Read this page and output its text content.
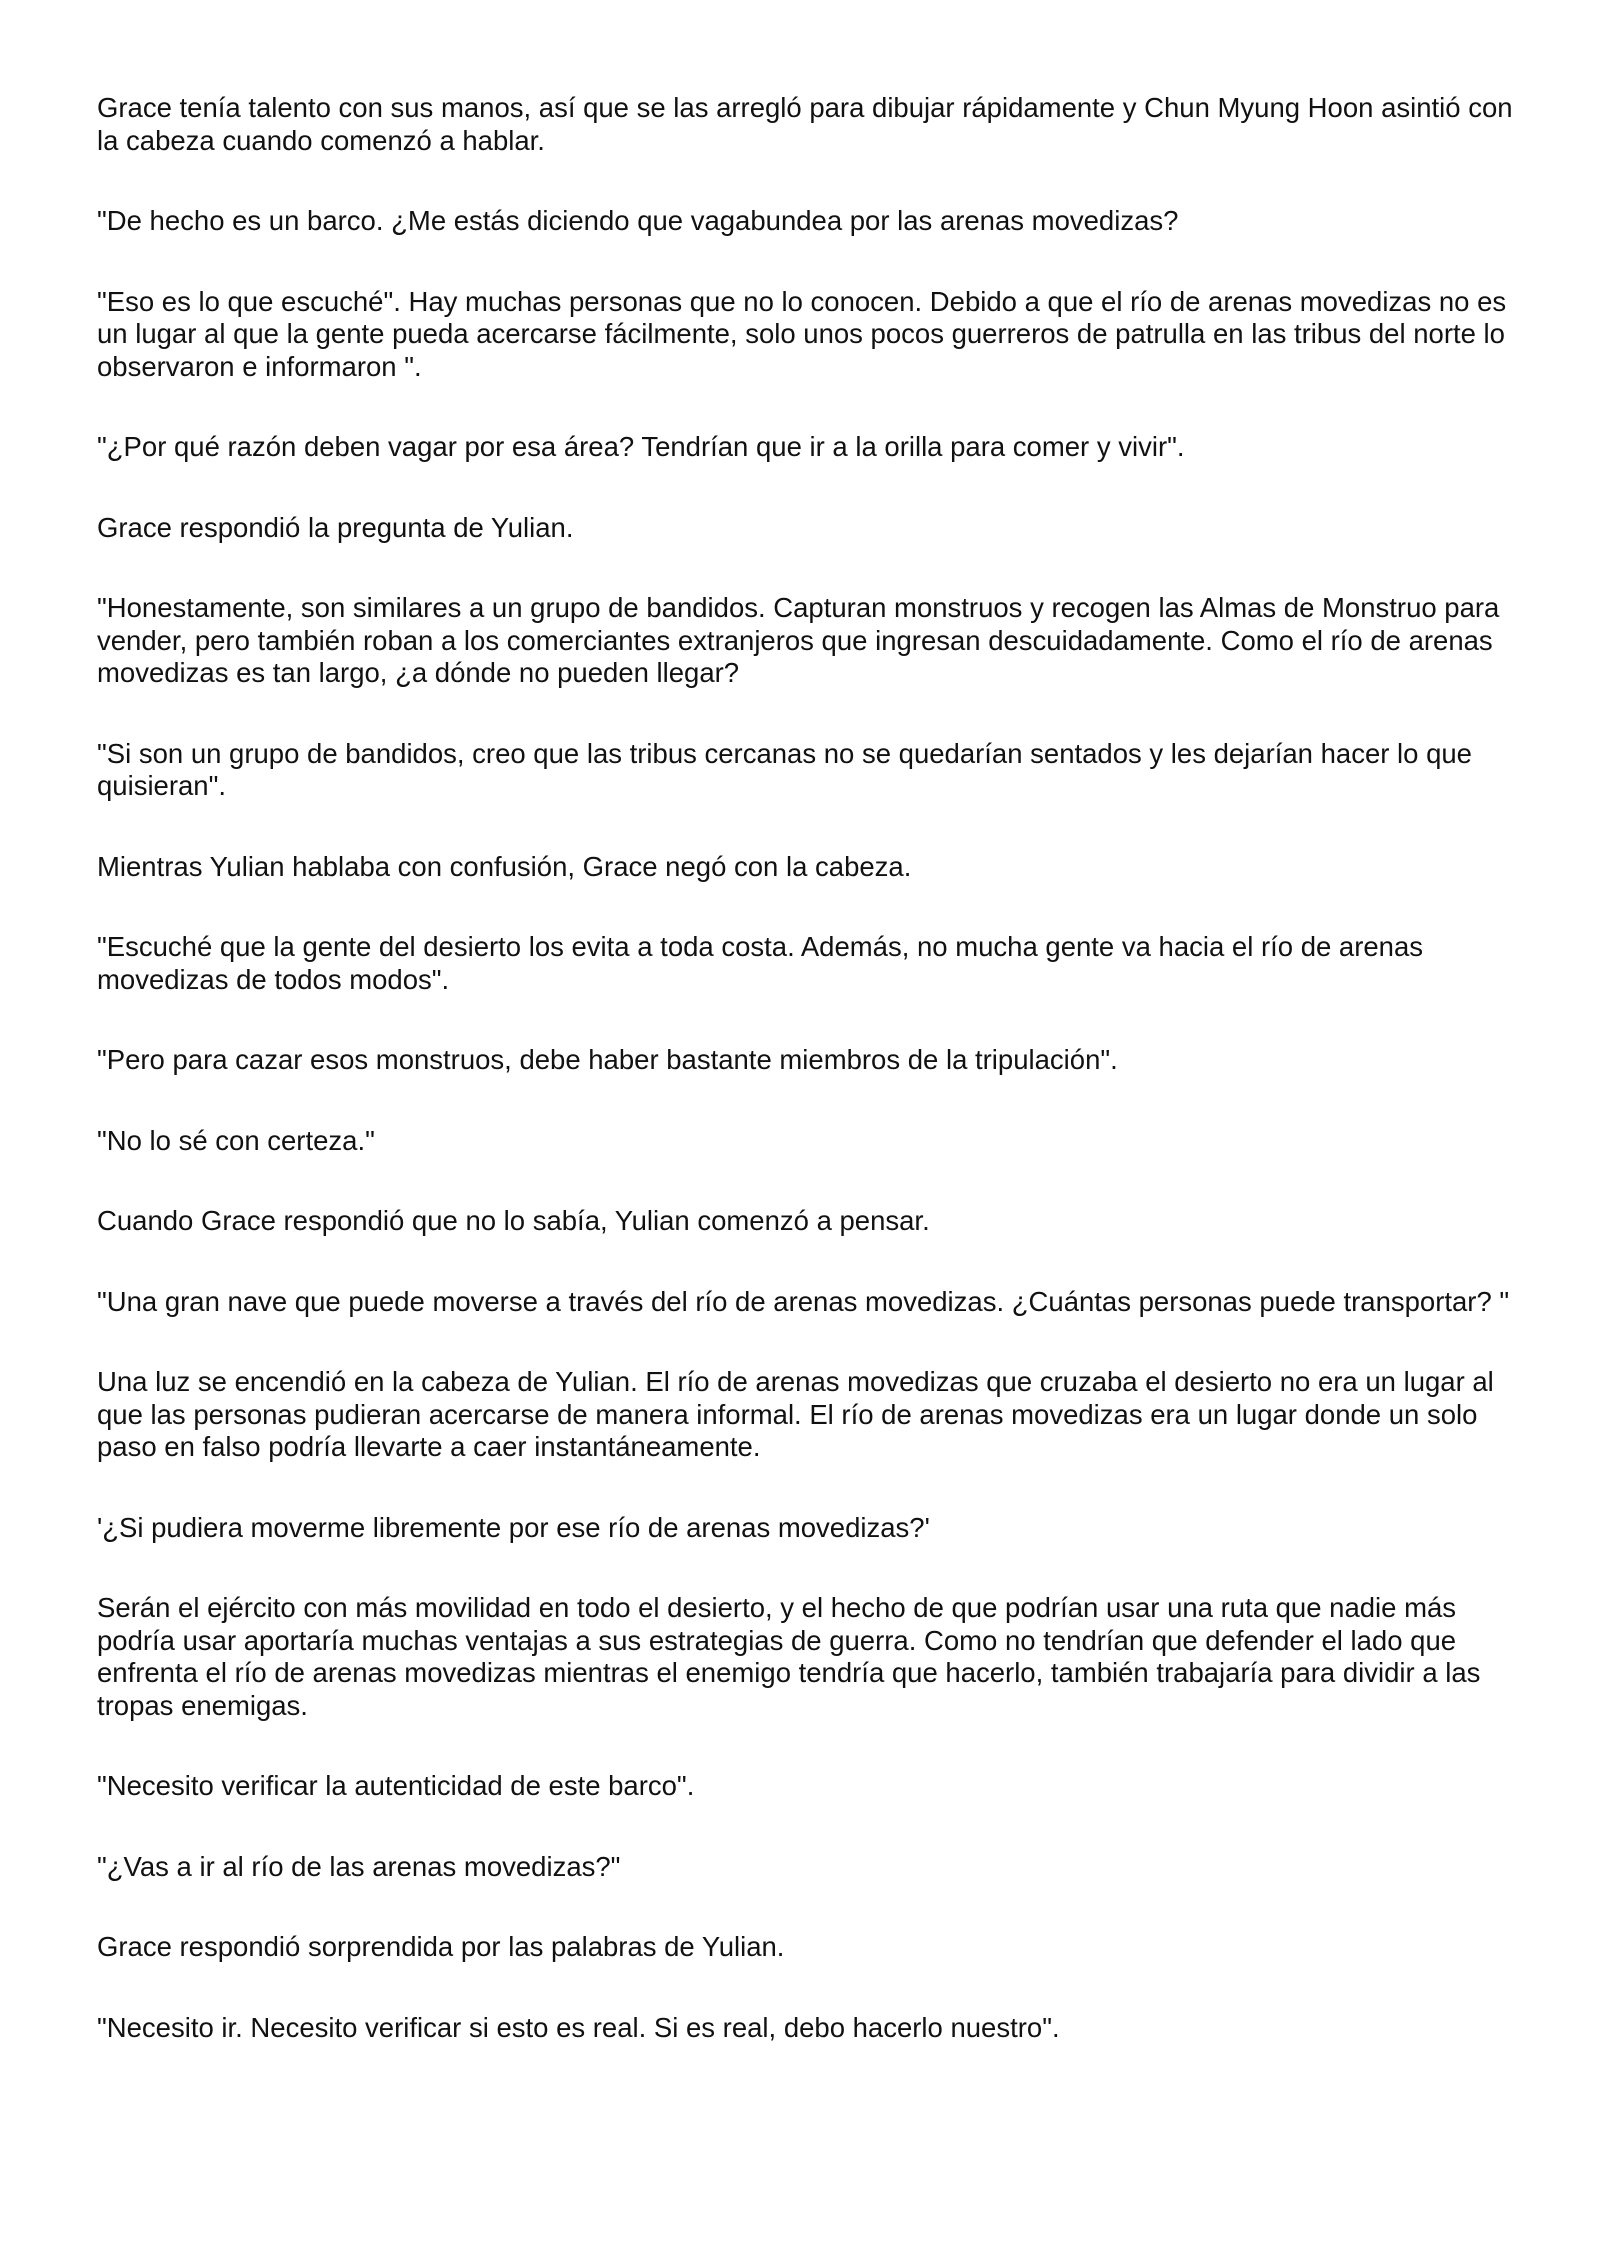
Grace tenía talento con sus manos, así que se las arregló para dibujar rápidamente y Chun Myung Hoon asintió con la cabeza cuando comenzó a hablar.

"De hecho es un barco. ¿Me estás diciendo que vagabundea por las arenas movedizas?

"Eso es lo que escuché". Hay muchas personas que no lo conocen. Debido a que el río de arenas movedizas no es un lugar al que la gente pueda acercarse fácilmente, solo unos pocos guerreros de patrulla en las tribus del norte lo observaron e informaron ".

"¿Por qué razón deben vagar por esa área? Tendrían que ir a la orilla para comer y vivir".

Grace respondió la pregunta de Yulian.

"Honestamente, son similares a un grupo de bandidos. Capturan monstruos y recogen las Almas de Monstruo para vender, pero también roban a los comerciantes extranjeros que ingresan descuidadamente. Como el río de arenas movedizas es tan largo, ¿a dónde no pueden llegar?

"Si son un grupo de bandidos, creo que las tribus cercanas no se quedarían sentados y les dejarían hacer lo que quisieran".

Mientras Yulian hablaba con confusión, Grace negó con la cabeza.

"Escuché que la gente del desierto los evita a toda costa. Además, no mucha gente va hacia el río de arenas movedizas de todos modos".

"Pero para cazar esos monstruos, debe haber bastante miembros de la tripulación".

"No lo sé con certeza."

Cuando Grace respondió que no lo sabía, Yulian comenzó a pensar.

"Una gran nave que puede moverse a través del río de arenas movedizas. ¿Cuántas personas puede transportar? "

Una luz se encendió en la cabeza de Yulian. El río de arenas movedizas que cruzaba el desierto no era un lugar al que las personas pudieran acercarse de manera informal. El río de arenas movedizas era un lugar donde un solo paso en falso podría llevarte a caer instantáneamente.

'¿Si pudiera moverme libremente por ese río de arenas movedizas?'

Serán el ejército con más movilidad en todo el desierto, y el hecho de que podrían usar una ruta que nadie más podría usar aportaría muchas ventajas a sus estrategias de guerra. Como no tendrían que defender el lado que enfrenta el río de arenas movedizas mientras el enemigo tendría que hacerlo, también trabajaría para dividir a las tropas enemigas.

"Necesito verificar la autenticidad de este barco".

"¿Vas a ir al río de las arenas movedizas?"

Grace respondió sorprendida por las palabras de Yulian.

"Necesito ir. Necesito verificar si esto es real. Si es real, debo hacerlo nuestro".
